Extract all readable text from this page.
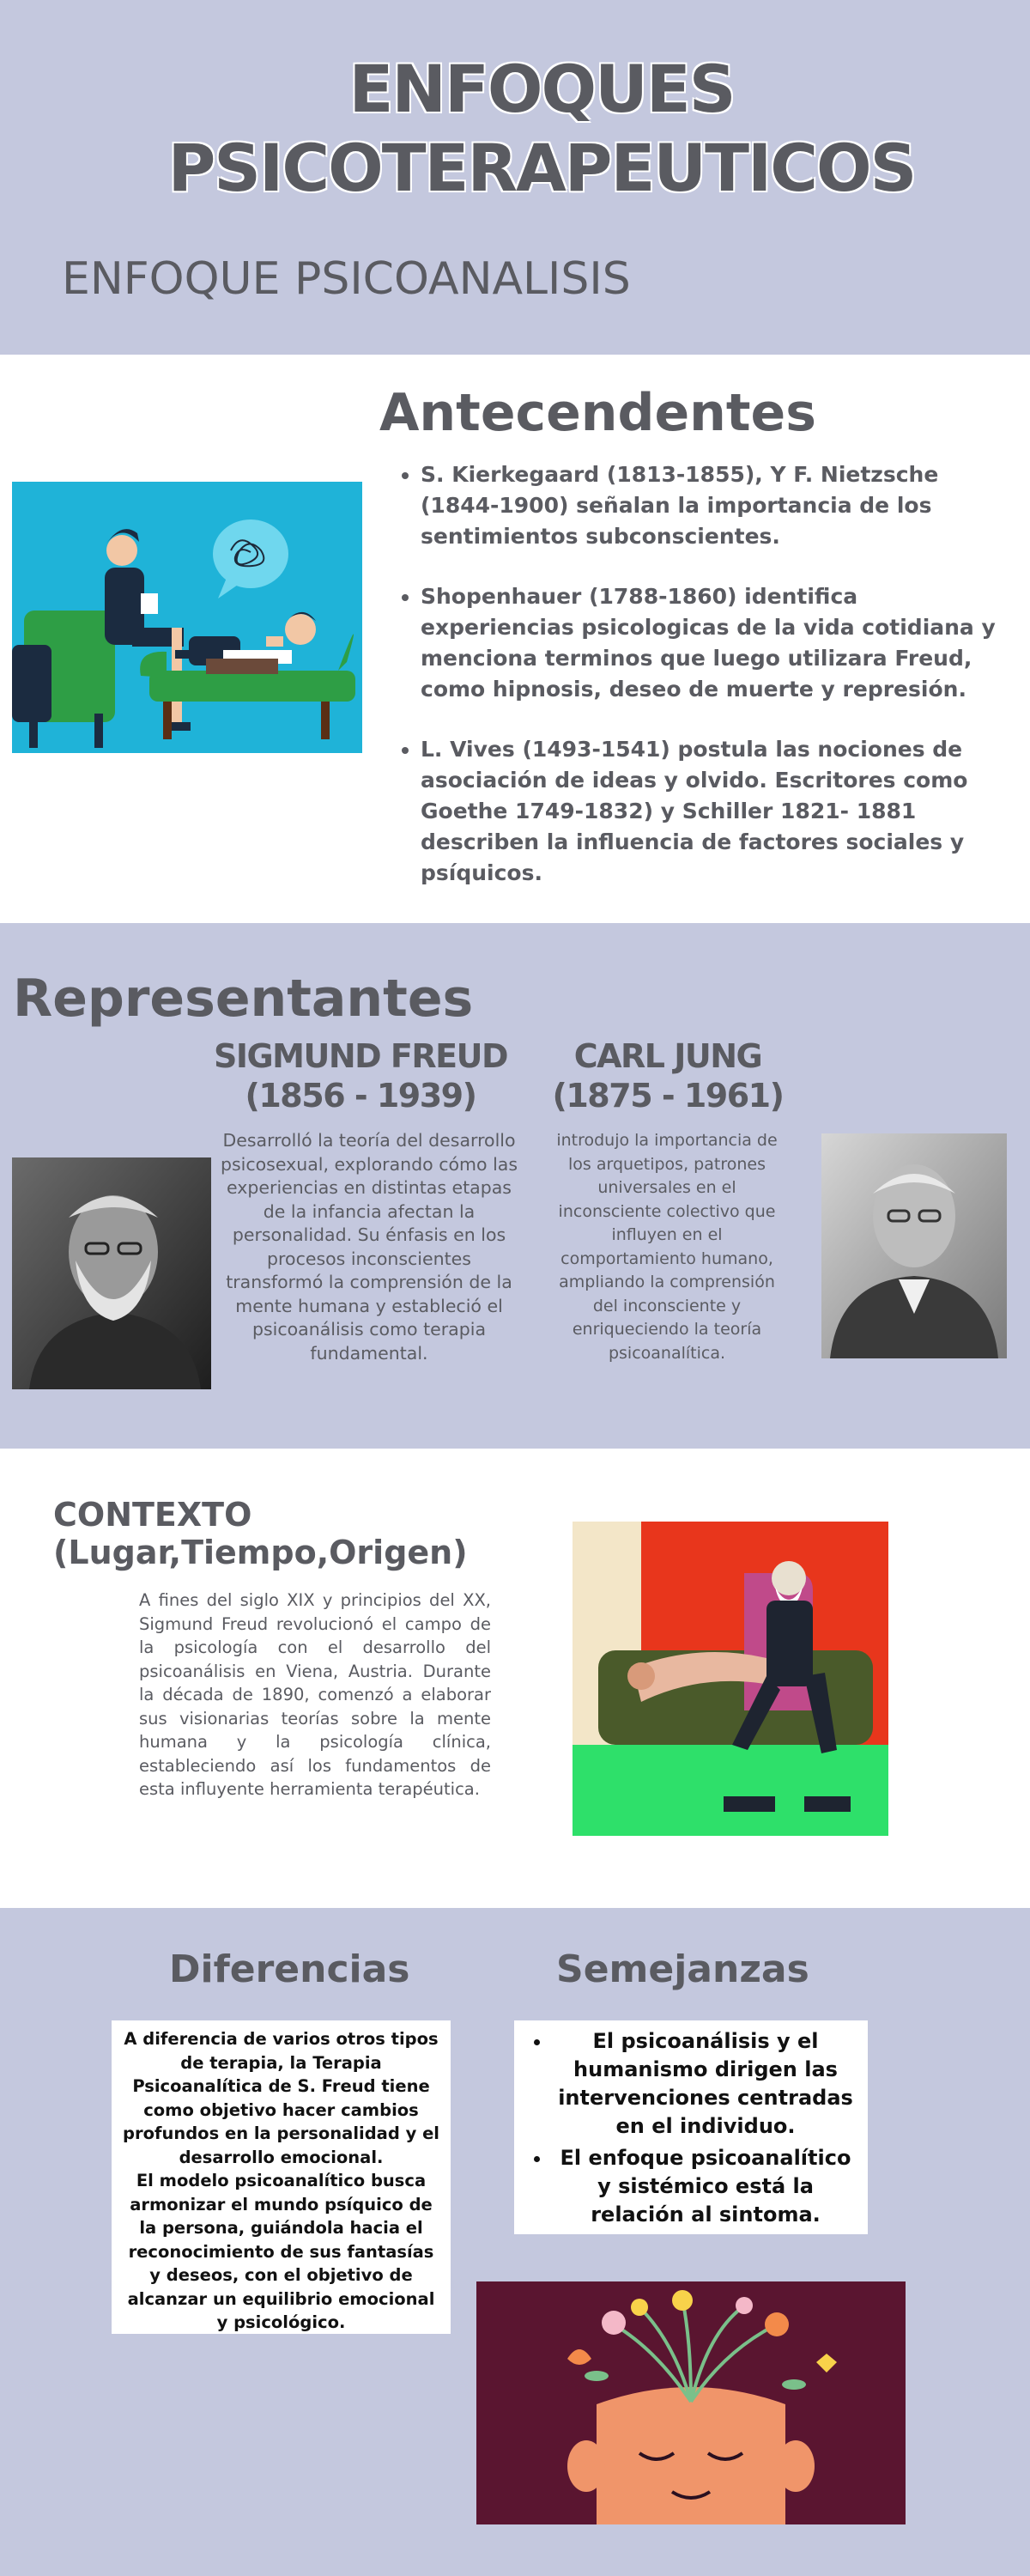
ENFOQUES
PSICOTERAPEUTICOS
ENFOQUE PSICOANALISIS
Antecendentes
• S. Kierkegaard (1813-1855), Y F. Nietzsche (1844-1900) señalan la importancia de los sentimientos subconscientes.
• Shopenhauer (1788-1860) identifica experiencias psicologicas de la vida cotidiana y menciona terminos que luego utilizara Freud, como hipnosis, deseo de muerte y represión.
• L. Vives (1493-1541) postula las nociones de asociación de ideas y olvido. Escritores como Goethe 1749-1832) y Schiller 1821- 1881 describen la influencia de factores sociales y psíquicos.
Representantes
SIGMUND FREUD
(1856 - 1939)
CARL JUNG
(1875 - 1961)
Desarrolló la teoría del desarrollo psicosexual, explorando cómo las experiencias en distintas etapas de la infancia afectan la personalidad. Su énfasis en los procesos inconscientes transformó la comprensión de la mente humana y estableció el psicoanálisis como terapia fundamental.
introdujo la importancia de los arquetipos, patrones universales en el inconsciente colectivo que influyen en el comportamiento humano, ampliando la comprensión del inconsciente y enriqueciendo la teoría psicoanalítica.
CONTEXTO
(Lugar,Tiempo,Origen)
A fines del siglo XIX y principios del XX, Sigmund Freud revolucionó el campo de la psicología con el desarrollo del psicoanálisis en Viena, Austria. Durante la década de 1890, comenzó a elaborar sus visionarias teorías sobre la mente humana y la psicología clínica, estableciendo así los fundamentos de esta influyente herramienta terapéutica.
Diferencias	Semejanzas
A diferencia de varios otros tipos de terapia, la Terapia Psicoanalítica de S. Freud tiene como objetivo hacer cambios profundos en la personalidad y el desarrollo emocional.
El modelo psicoanalítico busca armonizar el mundo psíquico de la persona, guiándola hacia el reconocimiento de sus fantasías y deseos, con el objetivo de alcanzar un equilibrio emocional y psicológico.
• El psicoanálisis y el humanismo dirigen las intervenciones centradas en el individuo.
• El enfoque psicoanalítico y sistémico está la relación al sintoma.
